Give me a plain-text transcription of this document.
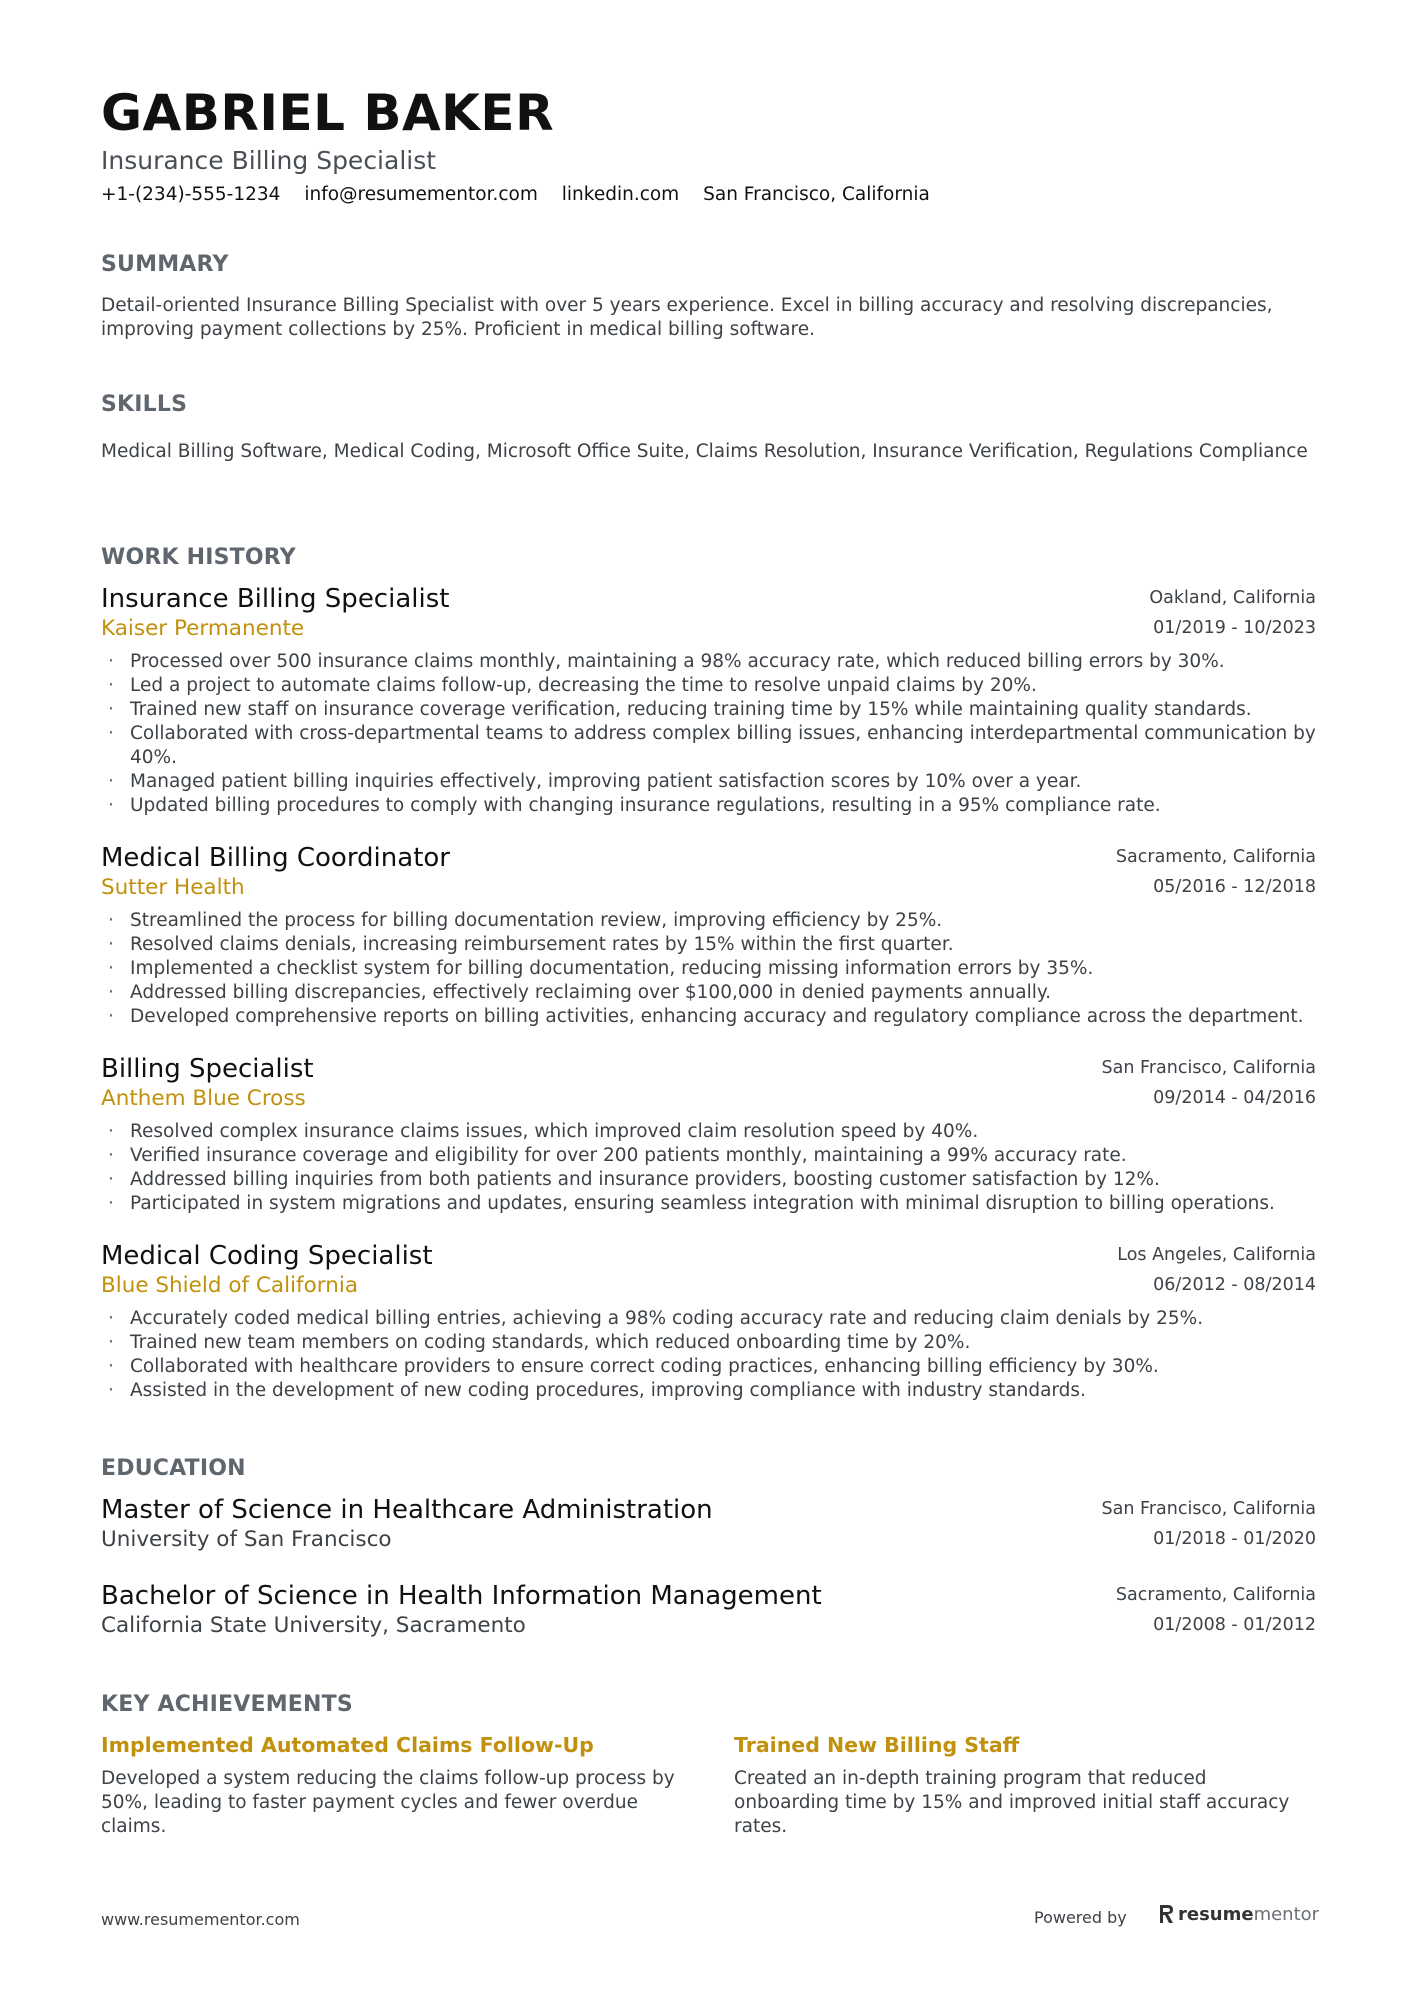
GABRIEL BAKER
Insurance Billing Specialist
+1-(234)-555-1234 info@resumementor.com linkedin.com San Francisco, California
SUMMARY
Detail-oriented Insurance Billing Specialist with over 5 years experience. Excel in billing accuracy and resolving discrepancies, improving payment collections by 25%. Proficient in medical billing software.
SKILLS
Medical Billing Software, Medical Coding, Microsoft Office Suite, Claims Resolution, Insurance Verification, Regulations Compliance
WORK HISTORY
Insurance Billing Specialist
Kaiser Permanente
Oakland, California
01/2019 - 10/2023
· Processed over 500 insurance claims monthly, maintaining a 98% accuracy rate, which reduced billing errors by 30%.
· Led a project to automate claims follow-up, decreasing the time to resolve unpaid claims by 20%.
· Trained new staff on insurance coverage verification, reducing training time by 15% while maintaining quality standards.
· Collaborated with cross-departmental teams to address complex billing issues, enhancing interdepartmental communication by 40%.
· Managed patient billing inquiries effectively, improving patient satisfaction scores by 10% over a year.
· Updated billing procedures to comply with changing insurance regulations, resulting in a 95% compliance rate.
Medical Billing Coordinator
Sutter Health
Sacramento, California
05/2016 - 12/2018
· Streamlined the process for billing documentation review, improving efficiency by 25%.
· Resolved claims denials, increasing reimbursement rates by 15% within the first quarter.
· Implemented a checklist system for billing documentation, reducing missing information errors by 35%.
· Addressed billing discrepancies, effectively reclaiming over $100,000 in denied payments annually.
· Developed comprehensive reports on billing activities, enhancing accuracy and regulatory compliance across the department.
Billing Specialist
Anthem Blue Cross
San Francisco, California
09/2014 - 04/2016
· Resolved complex insurance claims issues, which improved claim resolution speed by 40%.
· Verified insurance coverage and eligibility for over 200 patients monthly, maintaining a 99% accuracy rate.
· Addressed billing inquiries from both patients and insurance providers, boosting customer satisfaction by 12%.
· Participated in system migrations and updates, ensuring seamless integration with minimal disruption to billing operations.
Medical Coding Specialist
Blue Shield of California
Los Angeles, California
06/2012 - 08/2014
· Accurately coded medical billing entries, achieving a 98% coding accuracy rate and reducing claim denials by 25%.
· Trained new team members on coding standards, which reduced onboarding time by 20%.
· Collaborated with healthcare providers to ensure correct coding practices, enhancing billing efficiency by 30%.
· Assisted in the development of new coding procedures, improving compliance with industry standards.
EDUCATION
Master of Science in Healthcare Administration
University of San Francisco
San Francisco, California
01/2018 - 01/2020
Bachelor of Science in Health Information Management
California State University, Sacramento
Sacramento, California
01/2008 - 01/2012
KEY ACHIEVEMENTS
Implemented Automated Claims Follow-Up
Developed a system reducing the claims follow-up process by 50%, leading to faster payment cycles and fewer overdue claims.
Trained New Billing Staff
Created an in-depth training program that reduced onboarding time by 15% and improved initial staff accuracy rates.
www.resumementor.com	Powered by	resume mentor
